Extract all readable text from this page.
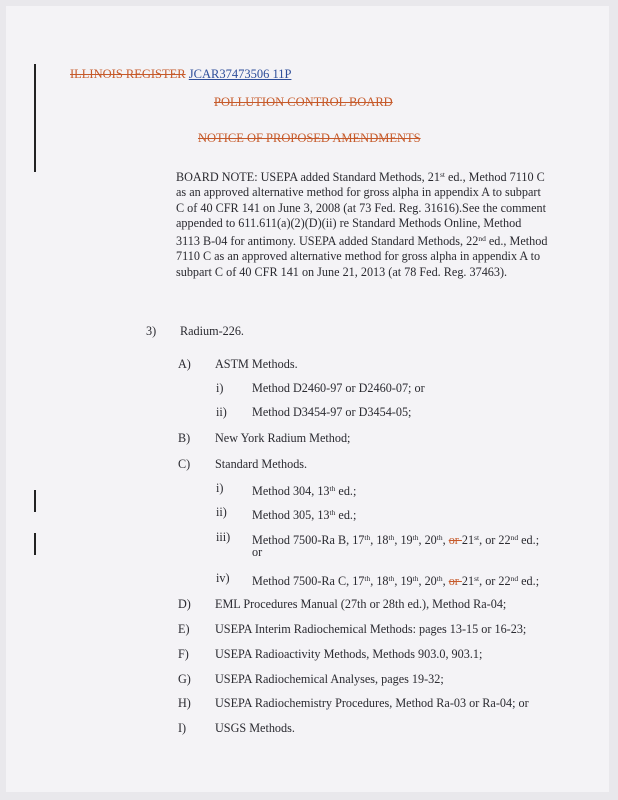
ILLINOIS REGISTER JCAR37473506 11P
POLLUTION CONTROL BOARD
NOTICE OF PROPOSED AMENDMENTS
BOARD NOTE: USEPA added Standard Methods, 21st ed., Method 7110 C as an approved alternative method for gross alpha in appendix A to subpart C of 40 CFR 141 on June 3, 2008 (at 73 Fed. Reg. 31616).See the comment appended to 611.611(a)(2)(D)(ii) re Standard Methods Online, Method 3113 B-04 for antimony. USEPA added Standard Methods, 22nd ed., Method 7110 C as an approved alternative method for gross alpha in appendix A to subpart C of 40 CFR 141 on June 21, 2013 (at 78 Fed. Reg. 37463).
3) Radium-226.
A) ASTM Methods.
i) Method D2460-97 or D2460-07; or
ii) Method D3454-97 or D3454-05;
B) New York Radium Method;
C) Standard Methods.
i) Method 304, 13th ed.;
ii) Method 305, 13th ed.;
iii) Method 7500-Ra B, 17th, 18th, 19th, 20th, or 21st, or 22nd ed.;
or
iv) Method 7500-Ra C, 17th, 18th, 19th, 20th, or 21st, or 22nd ed.;
D) EML Procedures Manual (27th or 28th ed.), Method Ra-04;
E) USEPA Interim Radiochemical Methods: pages 13-15 or 16-23;
F) USEPA Radioactivity Methods, Methods 903.0, 903.1;
G) USEPA Radiochemical Analyses, pages 19-32;
H) USEPA Radiochemistry Procedures, Method Ra-03 or Ra-04; or
I) USGS Methods.
